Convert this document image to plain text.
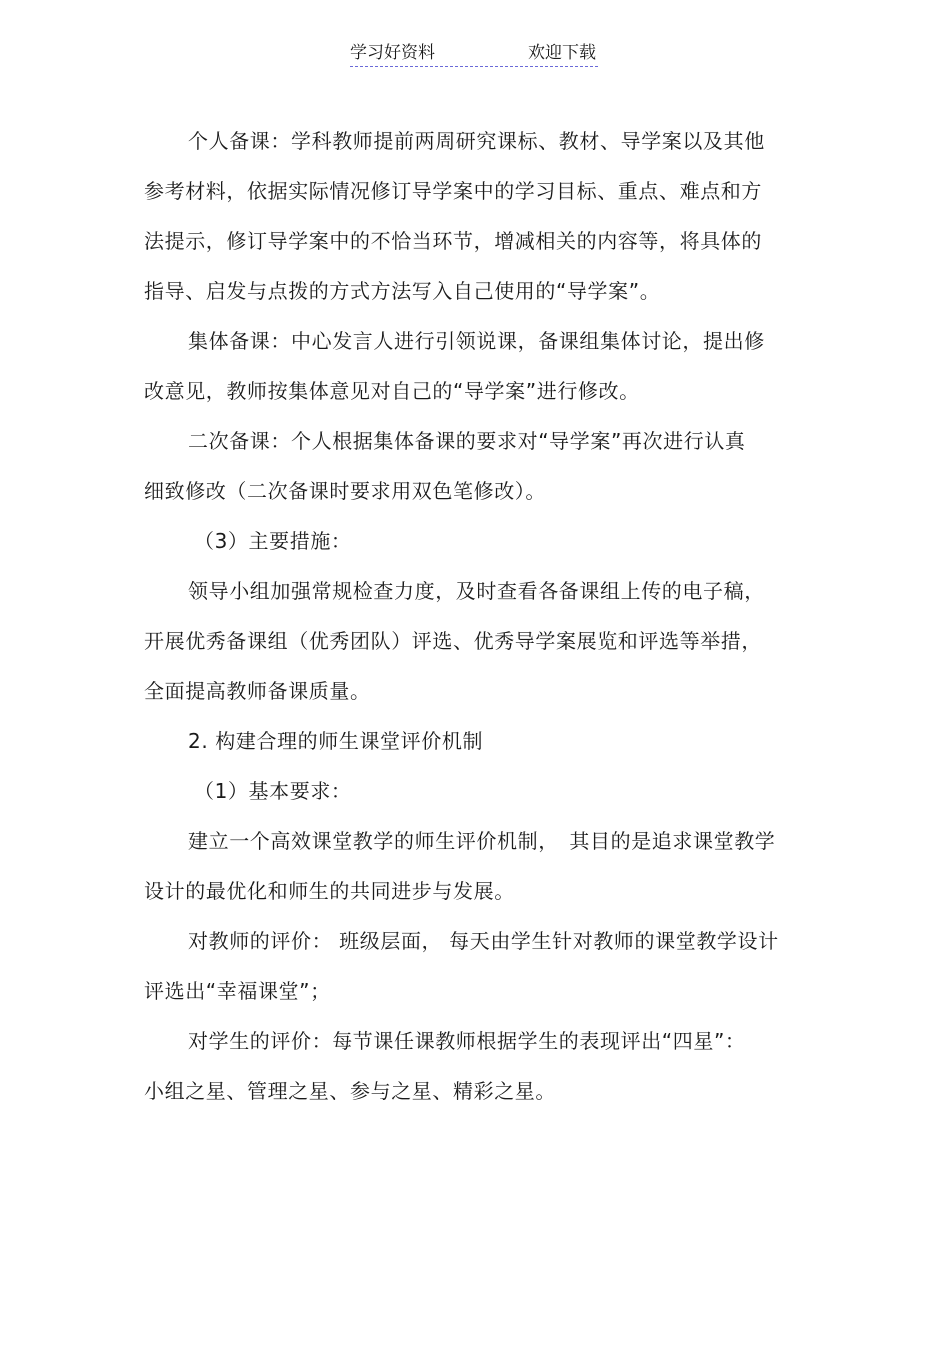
学习好资料	欢迎下载
个人备课：学科教师提前两周研究课标、教材、导学案以及其他
参考材料，依据实际情况修订导学案中的学习目标、重点、难点和方
法提示，修订导学案中的不恰当环节，增减相关的内容等，将具体的
指导、启发与点拨的方式方法写入自己使用的“导学案”。
集体备课：中心发言人进行引领说课，备课组集体讨论，提出修
改意见，教师按集体意见对自己的“导学案”进行修改。
二次备课：个人根据集体备课的要求对“导学案”再次进行认真
细致修改（二次备课时要求用双色笔修改）。
（3）主要措施：
领导小组加强常规检查力度，及时查看各备课组上传的电子稿，
开展优秀备课组（优秀团队）评选、优秀导学案展览和评选等举措，
全面提高教师备课质量。
2. 构建合理的师生课堂评价机制
（1）基本要求：
建立一个高效课堂教学的师生评价机制，　其目的是追求课堂教学
设计的最优化和师生的共同进步与发展。
对教师的评价： 班级层面， 每天由学生针对教师的课堂教学设计
评选出“幸福课堂”；
对学生的评价：每节课任课教师根据学生的表现评出“四星”：
小组之星、管理之星、参与之星、精彩之星。
